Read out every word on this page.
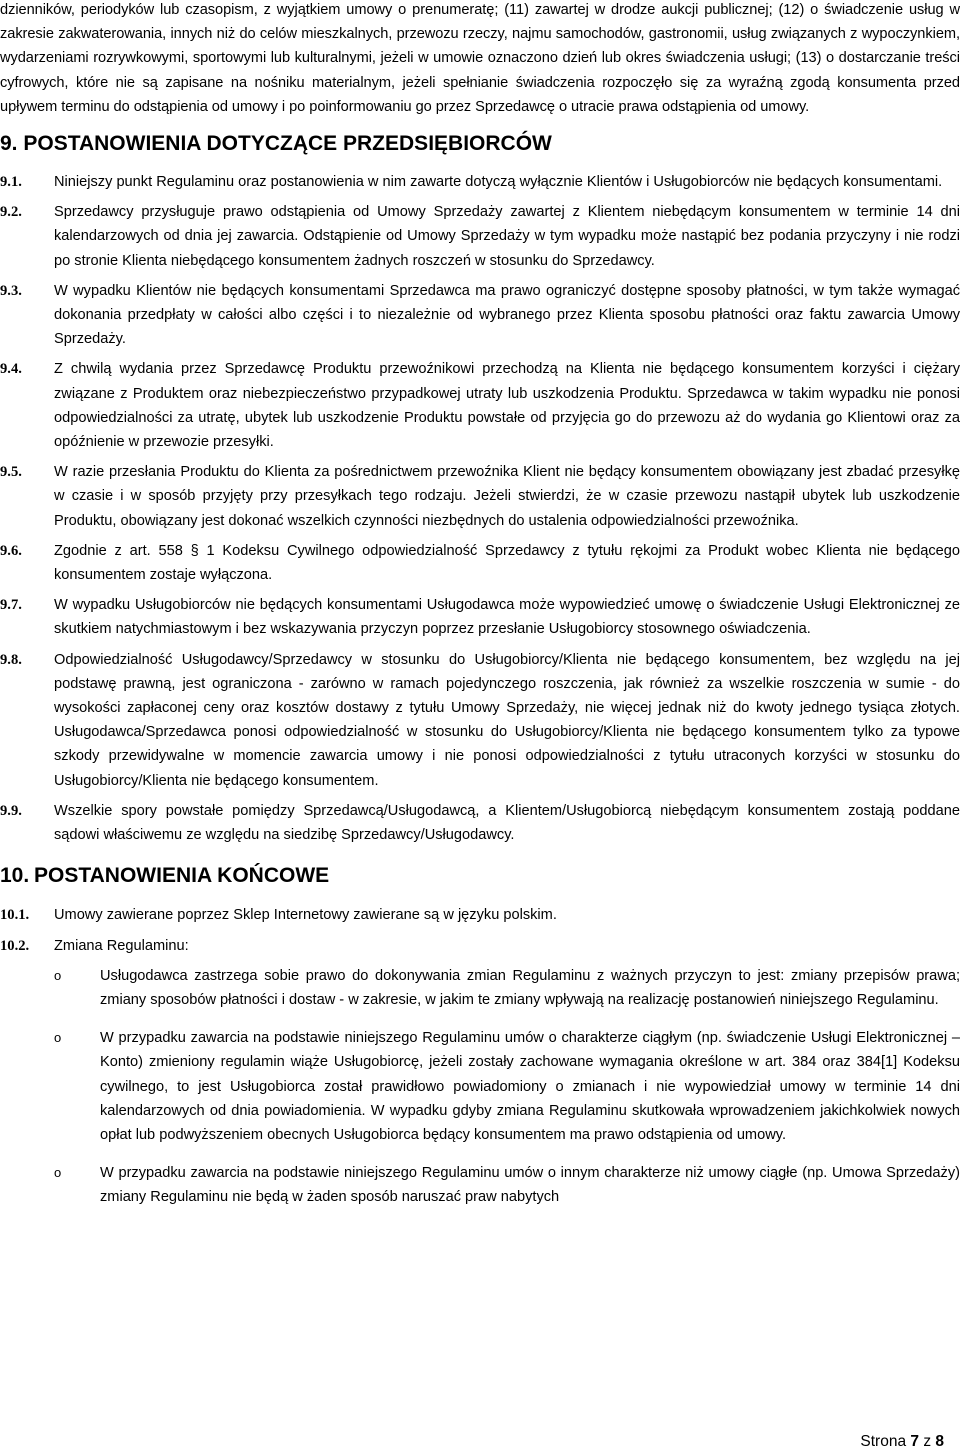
dzienników, periodyków lub czasopism, z wyjątkiem umowy o prenumeratę; (11) zawartej w drodze aukcji publicznej; (12) o świadczenie usług w zakresie zakwaterowania, innych niż do celów mieszkalnych, przewozu rzeczy, najmu samochodów, gastronomii, usług związanych z wypoczynkiem, wydarzeniami rozrywkowymi, sportowymi lub kulturalnymi, jeżeli w umowie oznaczono dzień lub okres świadczenia usługi; (13) o dostarczanie treści cyfrowych, które nie są zapisane na nośniku materialnym, jeżeli spełnianie świadczenia rozpoczęło się za wyraźną zgodą konsumenta przed upływem terminu do odstąpienia od umowy i po poinformowaniu go przez Sprzedawcę o utracie prawa odstąpienia od umowy.

9. POSTANOWIENIA DOTYCZĄCE PRZEDSIĘBIORCÓW
9.1.	Niniejszy punkt Regulaminu oraz postanowienia w nim zawarte dotyczą wyłącznie Klientów i Usługobiorców nie będących konsumentami.
9.2.	Sprzedawcy przysługuje prawo odstąpienia od Umowy Sprzedaży zawartej z Klientem niebędącym konsumentem w terminie 14 dni kalendarzowych od dnia jej zawarcia. Odstąpienie od Umowy Sprzedaży w tym wypadku może nastąpić bez podania przyczyny i nie rodzi po stronie Klienta niebędącego konsumentem żadnych roszczeń w stosunku do Sprzedawcy.
9.3.	W wypadku Klientów nie będących konsumentami Sprzedawca ma prawo ograniczyć dostępne sposoby płatności, w tym także wymagać dokonania przedpłaty w całości albo części i to niezależnie od wybranego przez Klienta sposobu płatności oraz faktu zawarcia Umowy Sprzedaży.
9.4.	Z chwilą wydania przez Sprzedawcę Produktu przewoźnikowi przechodzą na Klienta nie będącego konsumentem korzyści i ciężary związane z Produktem oraz niebezpieczeństwo przypadkowej utraty lub uszkodzenia Produktu. Sprzedawca w takim wypadku nie ponosi odpowiedzialności za utratę, ubytek lub uszkodzenie Produktu powstałe od przyjęcia go do przewozu aż do wydania go Klientowi oraz za opóźnienie w przewozie przesyłki.
9.5.	W razie przesłania Produktu do Klienta za pośrednictwem przewoźnika Klient nie będący konsumentem obowiązany jest zbadać przesyłkę w czasie i w sposób przyjęty przy przesyłkach tego rodzaju. Jeżeli stwierdzi, że w czasie przewozu nastąpił ubytek lub uszkodzenie Produktu, obowiązany jest dokonać wszelkich czynności niezbędnych do ustalenia odpowiedzialności przewoźnika.
9.6.	Zgodnie z art. 558 § 1 Kodeksu Cywilnego odpowiedzialność Sprzedawcy z tytułu rękojmi za Produkt wobec Klienta nie będącego konsumentem zostaje wyłączona.
9.7.	W wypadku Usługobiorców nie będących konsumentami Usługodawca może wypowiedzieć umowę o świadczenie Usługi Elektronicznej ze skutkiem natychmiastowym i bez wskazywania przyczyn poprzez przesłanie Usługobiorcy stosownego oświadczenia.
9.8.	Odpowiedzialność Usługodawcy/Sprzedawcy w stosunku do Usługobiorcy/Klienta nie będącego konsumentem, bez względu na jej podstawę prawną, jest ograniczona - zarówno w ramach pojedynczego roszczenia, jak również za wszelkie roszczenia w sumie - do wysokości zapłaconej ceny oraz kosztów dostawy z tytułu Umowy Sprzedaży, nie więcej jednak niż do kwoty jednego tysiąca złotych. Usługodawca/Sprzedawca ponosi odpowiedzialność w stosunku do Usługobiorcy/Klienta nie będącego konsumentem tylko za typowe szkody przewidywalne w momencie zawarcia umowy i nie ponosi odpowiedzialności z tytułu utraconych korzyści w stosunku do Usługobiorcy/Klienta nie będącego konsumentem.
9.9.	Wszelkie spory powstałe pomiędzy Sprzedawcą/Usługodawcą, a Klientem/Usługobiorcą niebędącym konsumentem zostają poddane sądowi właściwemu ze względu na siedzibę Sprzedawcy/Usługodawcy.
10. POSTANOWIENIA KOŃCOWE
10.1.	Umowy zawierane poprzez Sklep Internetowy zawierane są w języku polskim.
10.2.	Zmiana Regulaminu:
o	Usługodawca zastrzega sobie prawo do dokonywania zmian Regulaminu z ważnych przyczyn to jest: zmiany przepisów prawa; zmiany sposobów płatności i dostaw - w zakresie, w jakim te zmiany wpływają na realizację postanowień niniejszego Regulaminu.
o	W przypadku zawarcia na podstawie niniejszego Regulaminu umów o charakterze ciągłym (np. świadczenie Usługi Elektronicznej – Konto) zmieniony regulamin wiąże Usługobiorcę, jeżeli zostały zachowane wymagania określone w art. 384 oraz 384[1] Kodeksu cywilnego, to jest Usługobiorca został prawidłowo powiadomiony o zmianach i nie wypowiedział umowy w terminie 14 dni kalendarzowych od dnia powiadomienia. W wypadku gdyby zmiana Regulaminu skutkowała wprowadzeniem jakichkolwiek nowych opłat lub podwyższeniem obecnych Usługobiorca będący konsumentem ma prawo odstąpienia od umowy.
o	W przypadku zawarcia na podstawie niniejszego Regulaminu umów o innym charakterze niż umowy ciągłe (np. Umowa Sprzedaży) zmiany Regulaminu nie będą w żaden sposób naruszać praw nabytych
Strona 7 z 8
